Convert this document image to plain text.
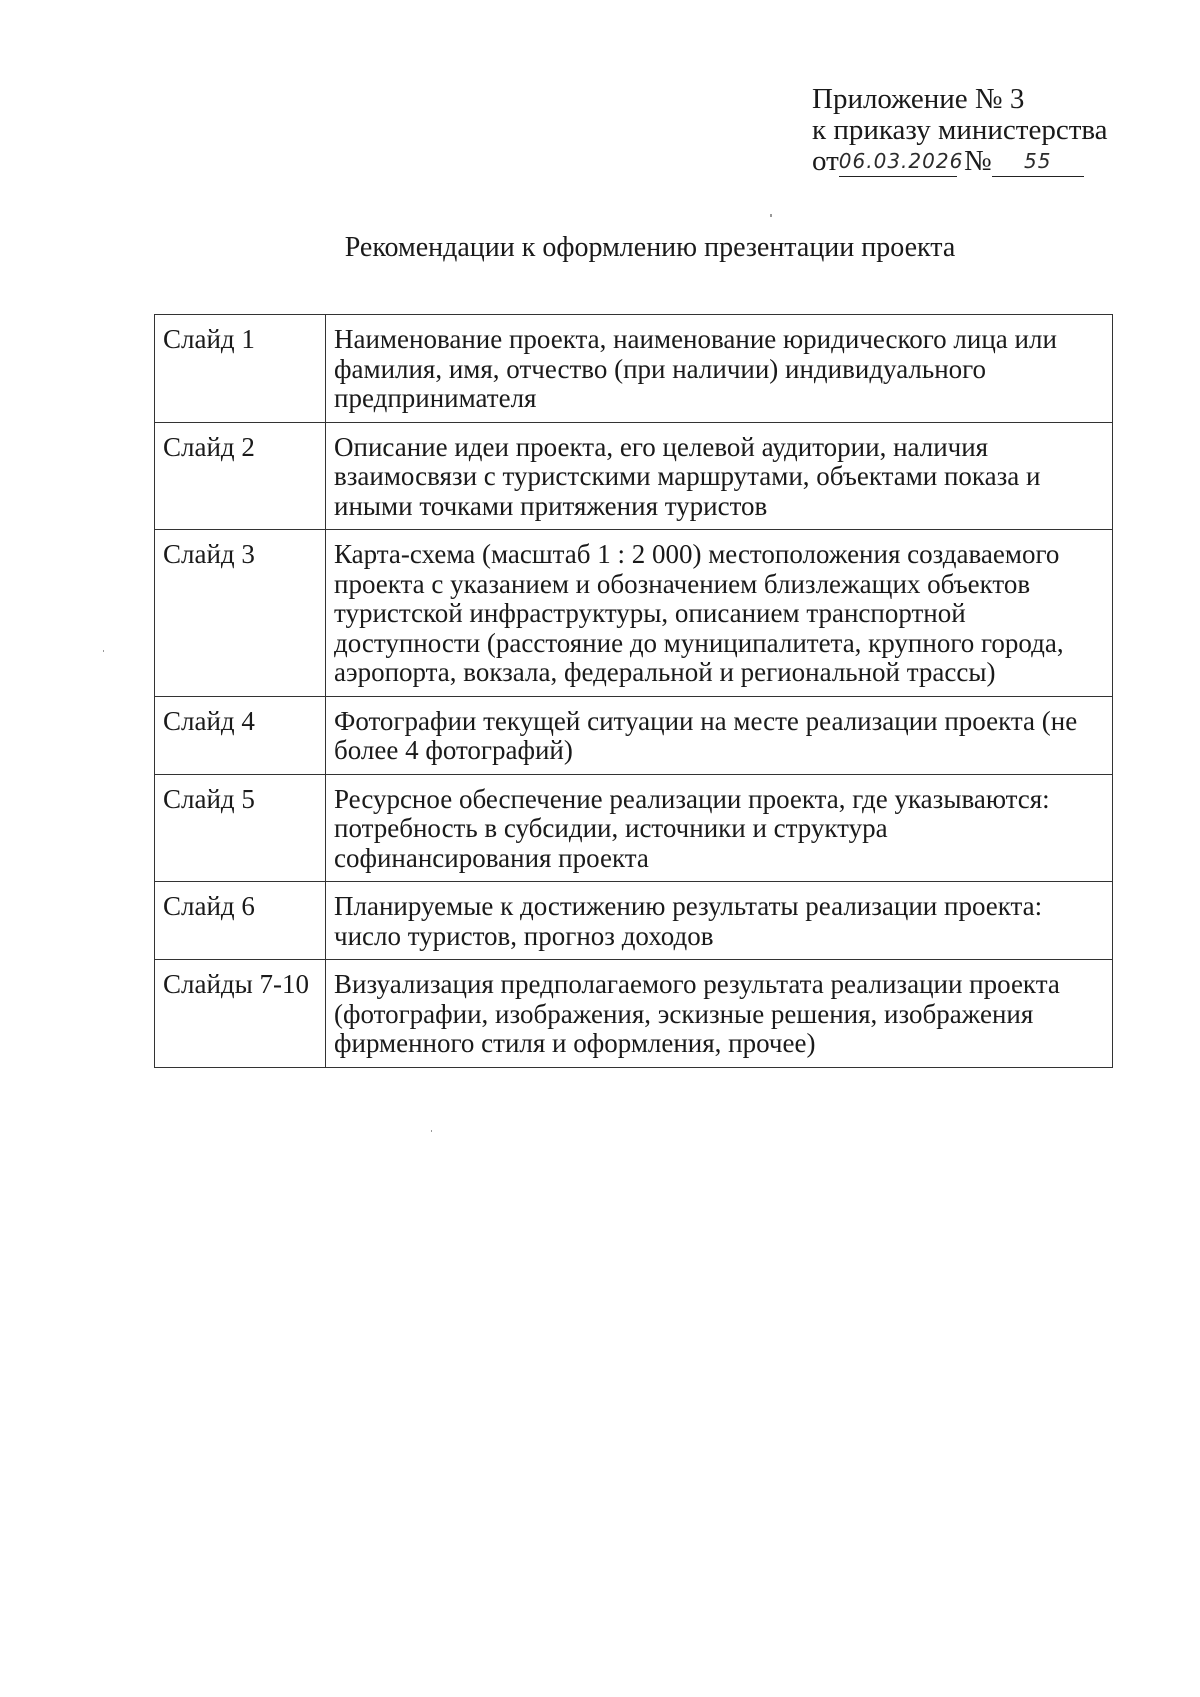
Приложение № 3
к приказу министерства
от06.03.2026 № 55
Рекомендации к оформлению презентации проекта
Слайд 1	Наименование проекта, наименование юридического лица или фамилия, имя, отчество (при наличии) индивидуального предпринимателя
Слайд 2	Описание идеи проекта, его целевой аудитории, наличия взаимосвязи с туристскими маршрутами, объектами показа и иными точками притяжения туристов
Слайд 3	Карта-схема (масштаб 1 : 2 000) местоположения создаваемого проекта с указанием и обозначением близлежащих объектов туристской инфраструктуры, описанием транспортной доступности (расстояние до муниципалитета, крупного города, аэропорта, вокзала, федеральной и региональной трассы)
Слайд 4	Фотографии текущей ситуации на месте реализации проекта (не более 4 фотографий)
Слайд 5	Ресурсное обеспечение реализации проекта, где указываются: потребность в субсидии, источники и структура софинансирования проекта
Слайд 6	Планируемые к достижению результаты реализации проекта: число туристов, прогноз доходов
Слайды 7-10	Визуализация предполагаемого результата реализации проекта (фотографии, изображения, эскизные решения, изображения фирменного стиля и оформления, прочее)
